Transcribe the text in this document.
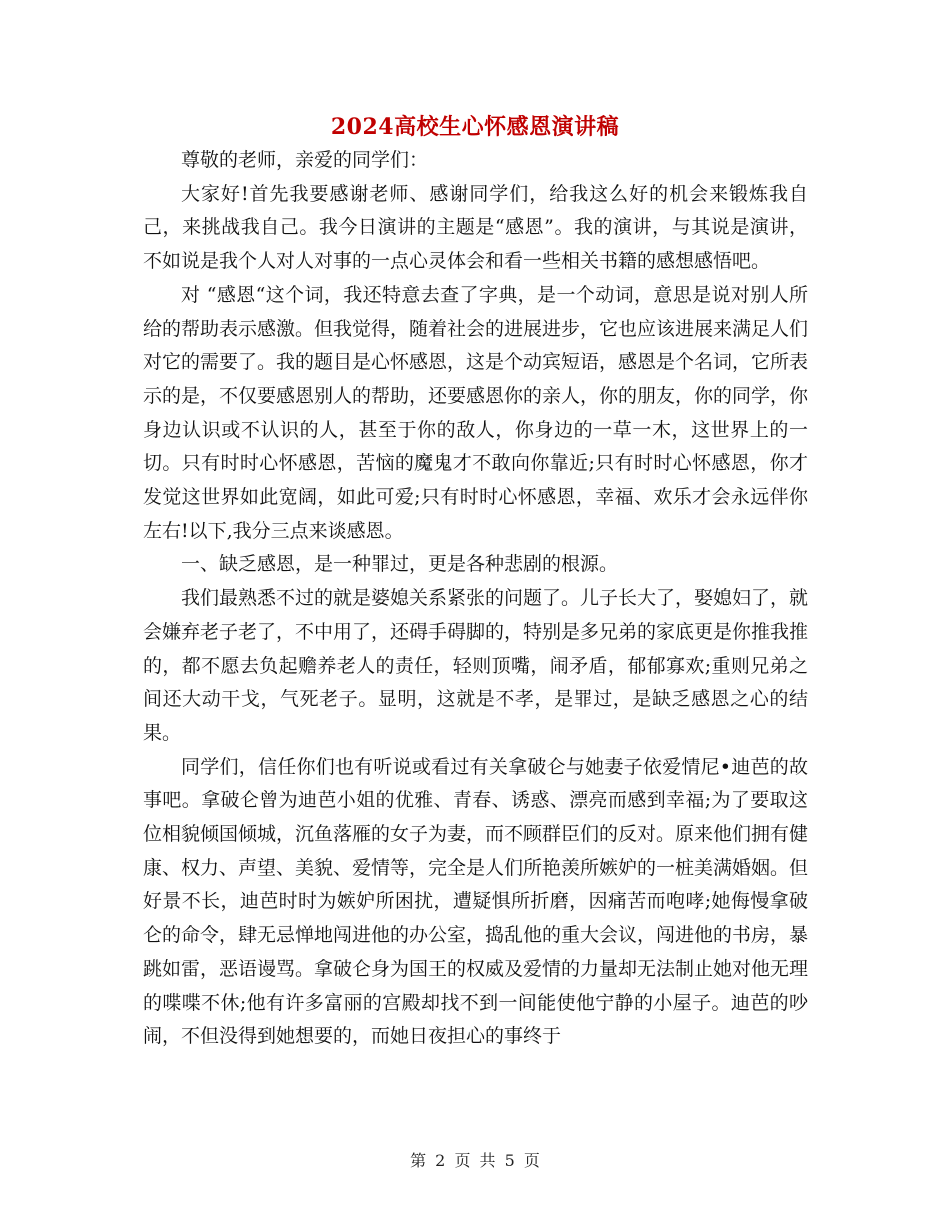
2024高校生心怀感恩演讲稿

尊敬的老师，亲爱的同学们：

大家好!首先我要感谢老师、感谢同学们，给我这么好的机会来锻炼我自己，来挑战我自己。我今日演讲的主题是“感恩”。我的演讲，与其说是演讲，不如说是我个人对人对事的一点心灵体会和看一些相关书籍的感想感悟吧。

对 “感恩“这个词，我还特意去查了字典，是一个动词，意思是说对别人所给的帮助表示感激。但我觉得，随着社会的进展进步，它也应该进展来满足人们对它的需要了。我的题目是心怀感恩，这是个动宾短语，感恩是个名词，它所表示的是，不仅要感恩别人的帮助，还要感恩你的亲人，你的朋友，你的同学，你身边认识或不认识的人，甚至于你的敌人，你身边的一草一木，这世界上的一切。只有时时心怀感恩，苦恼的魔鬼才不敢向你靠近;只有时时心怀感恩，你才发觉这世界如此宽阔，如此可爱;只有时时心怀感恩，幸福、欢乐才会永远伴你左右!以下,我分三点来谈感恩。

一、缺乏感恩，是一种罪过，更是各种悲剧的根源。

我们最熟悉不过的就是婆媳关系紧张的问题了。儿子长大了，娶媳妇了，就会嫌弃老子老了，不中用了，还碍手碍脚的，特别是多兄弟的家底更是你推我推的，都不愿去负起赡养老人的责任，轻则顶嘴，闹矛盾，郁郁寡欢;重则兄弟之间还大动干戈，气死老子。显明，这就是不孝，是罪过，是缺乏感恩之心的结果。

同学们，信任你们也有听说或看过有关拿破仑与她妻子依爱情尼•迪芭的故事吧。拿破仑曾为迪芭小姐的优雅、青春、诱惑、漂亮而感到幸福;为了要取这位相貌倾国倾城，沉鱼落雁的女子为妻，而不顾群臣们的反对。原来他们拥有健康、权力、声望、美貌、爱情等，完全是人们所艳羡所嫉妒的一桩美满婚姻。但好景不长，迪芭时时为嫉妒所困扰，遭疑惧所折磨，因痛苦而咆哮;她侮慢拿破仑的命令，肆无忌惮地闯进他的办公室，捣乱他的重大会议，闯进他的书房，暴跳如雷，恶语谩骂。拿破仑身为国王的权威及爱情的力量却无法制止她对他无理的喋喋不休;他有许多富丽的宫殿却找不到一间能使他宁静的小屋子。迪芭的吵闹，不但没得到她想要的，而她日夜担心的事终于

第 2 页 共 5 页
